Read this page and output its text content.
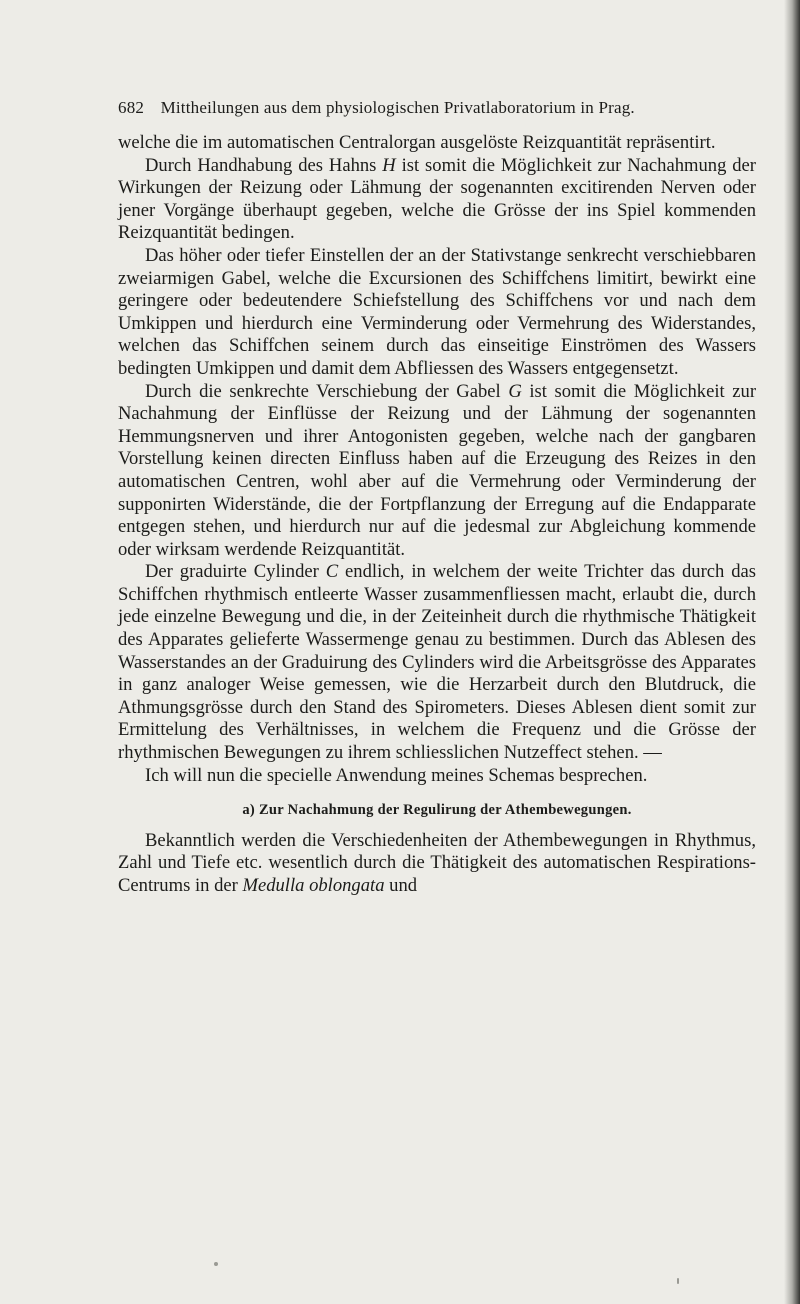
682 Mittheilungen aus dem physiologischen Privatlaboratorium in Prag.

welche die im automatischen Centralorgan ausgelöste Reizquantität repräsentirt.

Durch Handhabung des Hahns H ist somit die Möglichkeit zur Nachahmung der Wirkungen der Reizung oder Lähmung der sogenannten excitirenden Nerven oder jener Vorgänge überhaupt gegeben, welche die Grösse der ins Spiel kommenden Reizquantität bedingen.

Das höher oder tiefer Einstellen der an der Stativstange senkrecht verschiebbaren zweiarmigen Gabel, welche die Excursionen des Schiffchens limitirt, bewirkt eine geringere oder bedeutendere Schiefstellung des Schiffchens vor und nach dem Umkippen und hierdurch eine Verminderung oder Vermehrung des Widerstandes, welchen das Schiffchen seinem durch das einseitige Einströmen des Wassers bedingten Umkippen und damit dem Abfliessen des Wassers entgegensetzt.

Durch die senkrechte Verschiebung der Gabel G ist somit die Möglichkeit zur Nachahmung der Einflüsse der Reizung und der Lähmung der sogenannten Hemmungsnerven und ihrer Antogonisten gegeben, welche nach der gangbaren Vorstellung keinen directen Einfluss haben auf die Erzeugung des Reizes in den automatischen Centren, wohl aber auf die Vermehrung oder Verminderung der supponirten Widerstände, die der Fortpflanzung der Erregung auf die Endapparate entgegen stehen, und hierdurch nur auf die jedesmal zur Abgleichung kommende oder wirksam werdende Reizquantität.

Der graduirte Cylinder C endlich, in welchem der weite Trichter das durch das Schiffchen rhythmisch entleerte Wasser zusammenfliessen macht, erlaubt die, durch jede einzelne Bewegung und die, in der Zeiteinheit durch die rhythmische Thätigkeit des Apparates gelieferte Wassermenge genau zu bestimmen. Durch das Ablesen des Wasserstandes an der Graduirung des Cylinders wird die Arbeitsgrösse des Apparates in ganz analoger Weise gemessen, wie die Herzarbeit durch den Blutdruck, die Athmungsgrösse durch den Stand des Spirometers. Dieses Ablesen dient somit zur Ermittelung des Verhältnisses, in welchem die Frequenz und die Grösse der rhythmischen Bewegungen zu ihrem schliesslichen Nutzeffect stehen. —

Ich will nun die specielle Anwendung meines Schemas besprechen.

a) Zur Nachahmung der Regulirung der Athembewegungen.

Bekanntlich werden die Verschiedenheiten der Athembewegungen in Rhythmus, Zahl und Tiefe etc. wesentlich durch die Thätigkeit des automatischen Respirations-Centrums in der Medulla oblongata und
